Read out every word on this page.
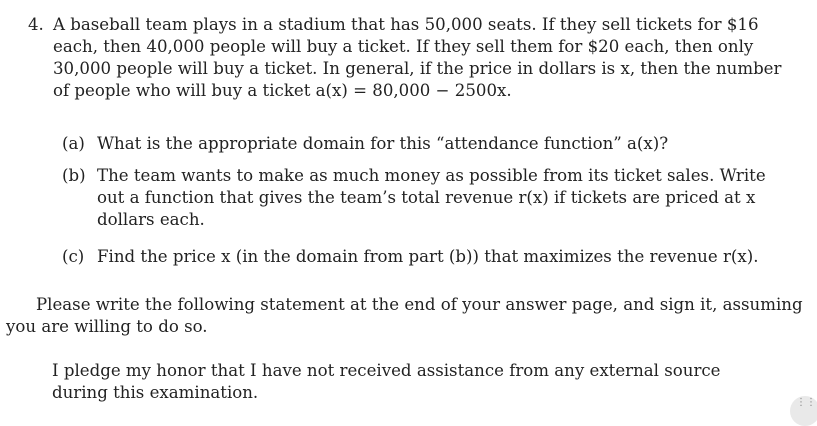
4. A baseball team plays in a stadium that has 50,000 seats. If they sell tickets for $16
each, then 40,000 people will buy a ticket. If they sell them for $20 each, then only
30,000 people will buy a ticket. In general, if the price in dollars is x, then the number
of people who will buy a ticket a(x) = 80,000 − 2500x.
(a) What is the appropriate domain for this “attendance function” a(x)?
(b) The team wants to make as much money as possible from its ticket sales. Write
out a function that gives the team’s total revenue r(x) if tickets are priced at x
dollars each.
(c) Find the price x (in the domain from part (b)) that maximizes the revenue r(x).
Please write the following statement at the end of your answer page, and sign it, assuming
you are willing to do so.
I pledge my honor that I have not received assistance from any external source
during this examination.
⋮⋮
